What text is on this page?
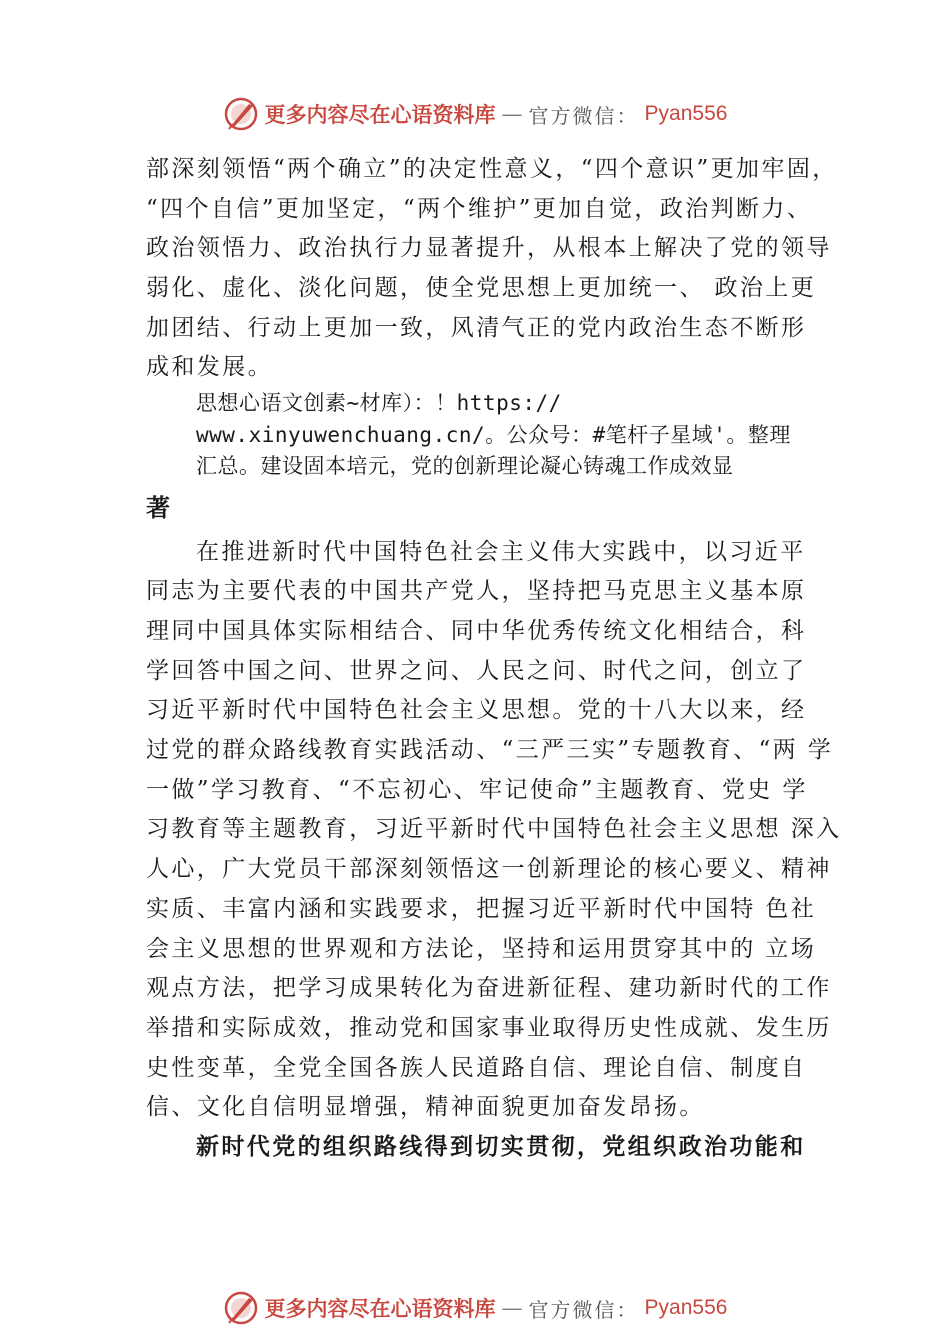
更多内容尽在心语资料库 — 官方微信： Pyan556
部深刻领悟“两个确立”的决定性意义，“四个意识”更加牢固，
“四个自信”更加坚定，“两个维护”更加自觉，政治判断力、
政治领悟力、政治执行力显著提升，从根本上解决了党的领导
弱化、虚化、淡化问题，使全党思想上更加统一、 政治上更
加团结、行动上更加一致，风清气正的党内政治生态不断形
成和发展。
思想心语文创素~材库）：！https://
www.xinyuwenchuang.cn/。公众号：#笔杆子星域'。整理
汇总。建设固本培元，党的创新理论凝心铸魂工作成效显
著
在推进新时代中国特色社会主义伟大实践中，以习近平
同志为主要代表的中国共产党人，坚持把马克思主义基本原
理同中国具体实际相结合、同中华优秀传统文化相结合，科
学回答中国之问、世界之问、人民之问、时代之问，创立了
习近平新时代中国特色社会主义思想。党的十八大以来，经
过党的群众路线教育实践活动、“三严三实”专题教育、“两 学
一做”学习教育、“不忘初心、牢记使命”主题教育、党史 学
习教育等主题教育，习近平新时代中国特色社会主义思想 深入
人心，广大党员干部深刻领悟这一创新理论的核心要义、精神
实质、丰富内涵和实践要求，把握习近平新时代中国特 色社
会主义思想的世界观和方法论，坚持和运用贯穿其中的 立场
观点方法，把学习成果转化为奋进新征程、建功新时代的工作
举措和实际成效，推动党和国家事业取得历史性成就、发生历
史性变革，全党全国各族人民道路自信、理论自信、制度自
信、文化自信明显增强，精神面貌更加奋发昂扬。
新时代党的组织路线得到切实贯彻，党组织政治功能和
更多内容尽在心语资料库 — 官方微信： Pyan556
